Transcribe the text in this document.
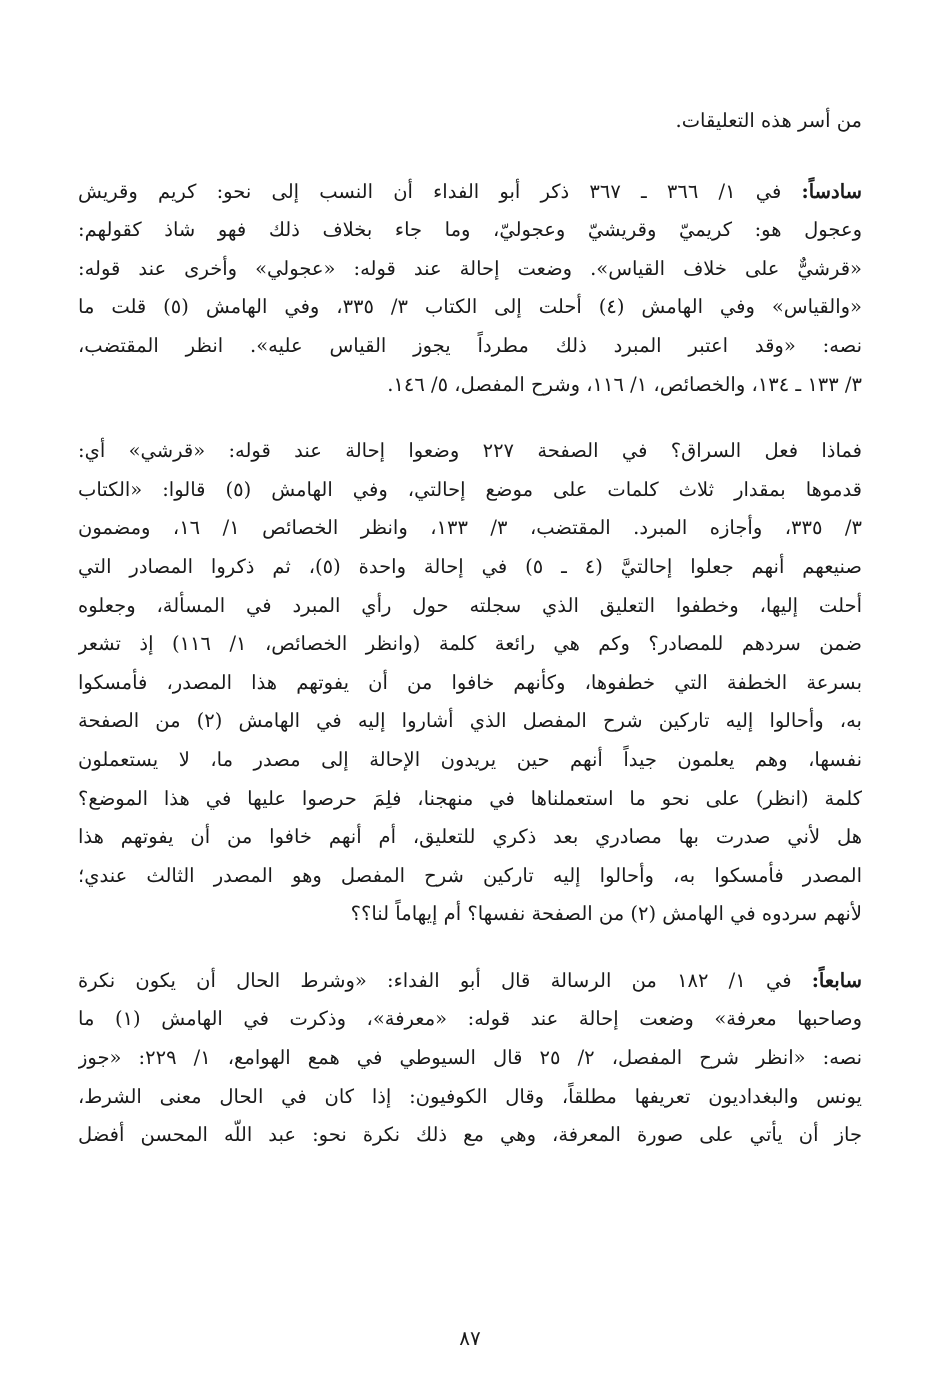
من أسر هذه التعليقات.
سادساً: في ١/ ٣٦٦ ـ ٣٦٧ ذكر أبو الفداء أن النسب إلى نحو: كريم وقريش
وعجول هو: كريميّ وقريشيّ وعجوليّ، وما جاء بخلاف ذلك فهو شاذ كقولهم:
«قرشيٌّ على خلاف القياس». وضعت إحالة عند قوله: «عجولي» وأخرى عند قوله:
«والقياس» وفي الهامش (٤) أحلت إلى الكتاب ٣/ ٣٣٥، وفي الهامش (٥) قلت ما
نصه: «وقد اعتبر المبرد ذلك مطرداً يجوز القياس عليه». انظر المقتضب،
٣/ ١٣٣ ـ ١٣٤، والخصائص، ١/ ١١٦، وشرح المفصل، ٥/ ١٤٦.
فماذا فعل السراق؟ في الصفحة ٢٢٧ وضعوا إحالة عند قوله: «قرشي» أي:
قدموها بمقدار ثلاث كلمات على موضع إحالتي، وفي الهامش (٥) قالوا: «الكتاب
٣/ ٣٣٥، وأجازه المبرد. المقتضب، ٣/ ١٣٣، وانظر الخصائص ١/ ١٦، ومضمون
صنيعهم أنهم جعلوا إحالتيَّ (٤ ـ ٥) في إحالة واحدة (٥)، ثم ذكروا المصادر التي
أحلت إليها، وخطفوا التعليق الذي سجلته حول رأي المبرد في المسألة، وجعلوه
ضمن سردهم للمصادر؟ وكم هي رائعة كلمة (وانظر الخصائص، ١/ ١١٦) إذ تشعر
بسرعة الخطفة التي خطفوها، وكأنهم خافوا من أن يفوتهم هذا المصدر، فأمسكوا
به، وأحالوا إليه تاركين شرح المفصل الذي أشاروا إليه في الهامش (٢) من الصفحة
نفسها، وهم يعلمون جيداً أنهم حين يريدون الإحالة إلى مصدر ما، لا يستعملون
كلمة (انظر) على نحو ما استعملناها في منهجنا، فلِمَ حرصوا عليها في هذا الموضع؟
هل لأني صدرت بها مصادري بعد ذكري للتعليق، أم أنهم خافوا من أن يفوتهم هذا
المصدر فأمسكوا به، وأحالوا إليه تاركين شرح المفصل وهو المصدر الثالث عندي؛
لأنهم سردوه في الهامش (٢) من الصفحة نفسها؟ أم إيهاماً لنا؟؟
سابعاً: في ١/ ١٨٢ من الرسالة قال أبو الفداء: «وشرط الحال أن يكون نكرة
وصاحبها معرفة» وضعت إحالة عند قوله: «معرفة»، وذكرت في الهامش (١) ما
نصه: «انظر شرح المفصل، ٢/ ٢٥ قال السيوطي في همع الهوامع، ١/ ٢٢٩: «جوز
يونس والبغداديون تعريفها مطلقاً، وقال الكوفيون: إذا كان في الحال معنى الشرط،
جاز أن يأتي على صورة المعرفة، وهي مع ذلك نكرة نحو: عبد اللّه المحسن أفضل
٨٧
